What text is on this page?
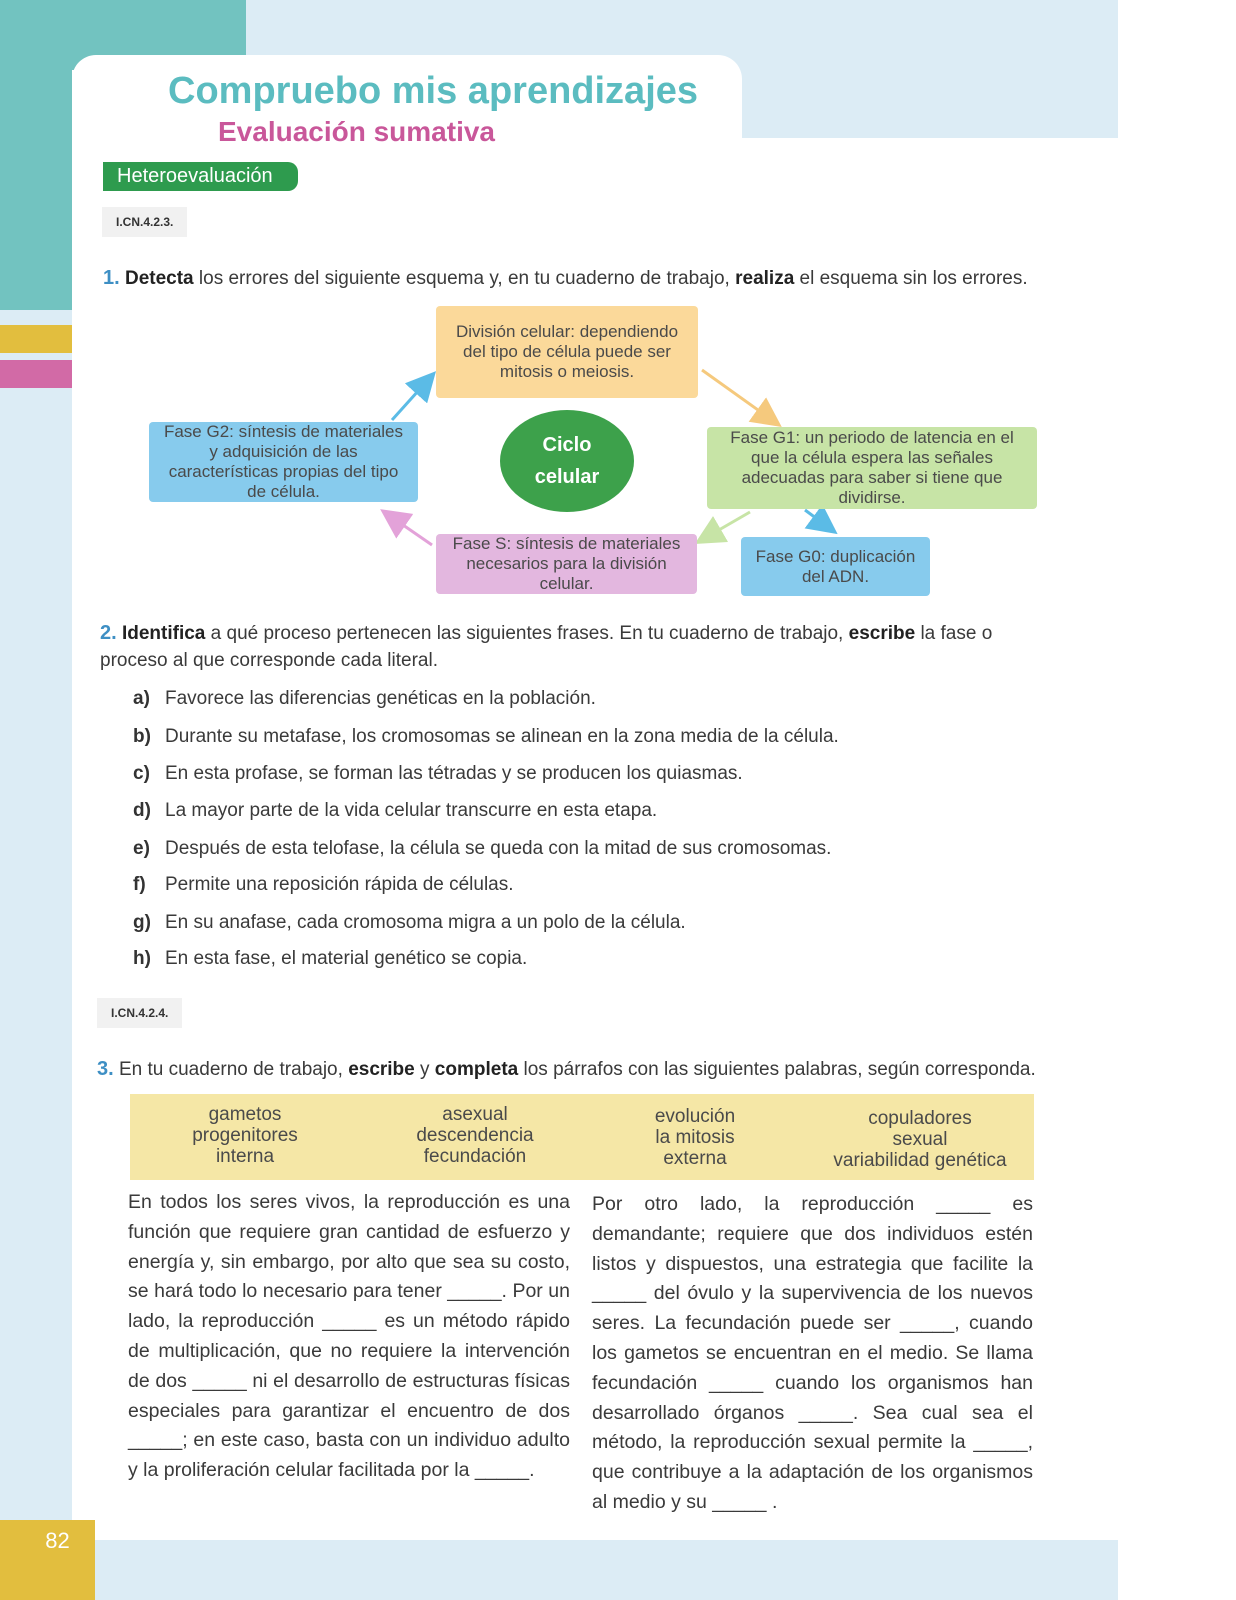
82
Compruebo mis aprendizajes
Evaluación sumativa
Heteroevaluación
I.CN.4.2.3.
1. Detecta los errores del siguiente esquema y, en tu cuaderno de trabajo, realiza el esquema sin los errores.
División celular: dependiendo del tipo de célula puede ser mitosis o meiosis.
Fase G1: un periodo de latencia en el que la célula espera las señales adecuadas para saber si tiene que dividirse.
Fase G2: síntesis de materiales y adquisición de las características propias del tipo de célula.
Fase S: síntesis de materiales necesarios para la división celular.
Fase G0: duplicación del ADN.
Ciclo
celular
2. Identifica a qué proceso pertenecen las siguientes frases. En tu cuaderno de trabajo, escribe la fase o proceso al que corresponde cada literal.
a) Favorece las diferencias genéticas en la población.
b) Durante su metafase, los cromosomas se alinean en la zona media de la célula.
c) En esta profase, se forman las tétradas y se producen los quiasmas.
d) La mayor parte de la vida celular transcurre en esta etapa.
e) Después de esta telofase, la célula se queda con la mitad de sus cromosomas.
f) Permite una reposición rápida de células.
g) En su anafase, cada cromosoma migra a un polo de la célula.
h) En esta fase, el material genético se copia.
I.CN.4.2.4.
3. En tu cuaderno de trabajo, escribe y completa los párrafos con las siguientes palabras, según corresponda.
gametos
progenitores
interna
asexual
descendencia
fecundación
evolución
la mitosis
externa
copuladores
sexual
variabilidad genética
En todos los seres vivos, la reproducción es una función que requiere gran cantidad de esfuerzo y energía y, sin embargo, por alto que sea su costo, se hará todo lo necesario para tener _____. Por un lado, la reproducción _____ es un método rápido de multiplicación, que no requiere la intervención de dos _____ ni el desarrollo de estructuras físicas especiales para garantizar el encuentro de dos _____; en este caso, basta con un individuo adulto y la proliferación celular facilitada por la _____.
Por otro lado, la reproducción _____ es demandante; requiere que dos individuos estén listos y dispuestos, una estrategia que facilite la _____ del óvulo y la supervivencia de los nuevos seres. La fecundación puede ser _____, cuando los gametos se encuentran en el medio. Se llama fecundación _____ cuando los organismos han desarrollado órganos _____. Sea cual sea el método, la reproducción sexual permite la _____, que contribuye a la adaptación de los organismos al medio y su _____ .
